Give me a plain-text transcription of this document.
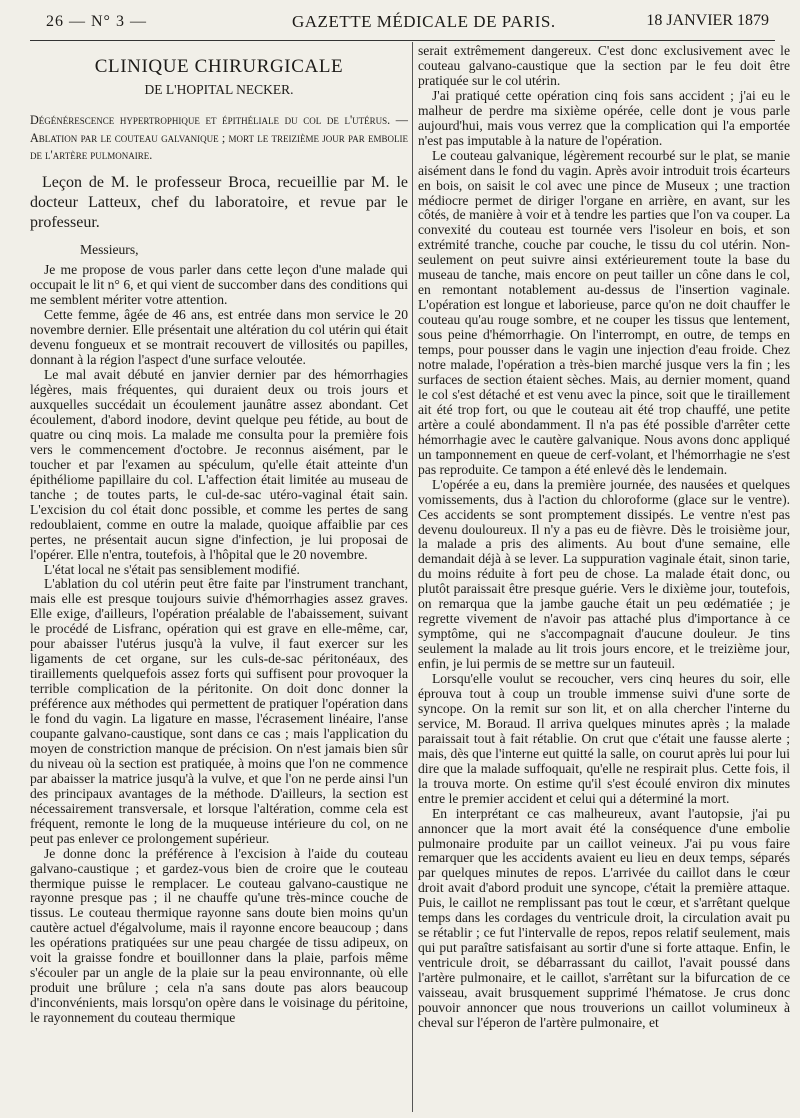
26 — N° 3 —	GAZETTE MÉDICALE DE PARIS.	18 JANVIER 1879
CLINIQUE CHIRURGICALE
DE L'HOPITAL NECKER.
Dégénérescence hypertrophique et épithéliale du col de l'utérus. — Ablation par le couteau galvanique ; mort le treizième jour par embolie de l'artère pulmonaire.
Leçon de M. le professeur Broca, recueillie par M. le docteur Latteux, chef du laboratoire, et revue par le professeur.
Messieurs,

Je me propose de vous parler dans cette leçon d'une malade qui occupait le lit n° 6, et qui vient de succomber dans des conditions qui me semblent mériter votre attention.

Cette femme, âgée de 46 ans, est entrée dans mon service le 20 novembre dernier. Elle présentait une altération du col utérin qui était devenu fongueux et se montrait recouvert de villosités ou papilles, donnant à la région l'aspect d'une surface veloutée.

Le mal avait débuté en janvier dernier par des hémorrhagies légères, mais fréquentes, qui duraient deux ou trois jours et auxquelles succédait un écoulement jaunâtre assez abondant. Cet écoulement, d'abord inodore, devint quelque peu fétide, au bout de quatre ou cinq mois. La malade me consulta pour la première fois vers le commencement d'octobre. Je reconnus aisément, par le toucher et par l'examen au spéculum, qu'elle était atteinte d'un épithéliome papillaire du col. L'affection était limitée au museau de tanche ; de toutes parts, le cul-de-sac utéro-vaginal était sain. L'excision du col était donc possible, et comme les pertes de sang redoublaient, comme en outre la malade, quoique affaiblie par ces pertes, ne présentait aucun signe d'infection, je lui proposai de l'opérer. Elle n'entra, toutefois, à l'hôpital que le 20 novembre.

L'état local ne s'était pas sensiblement modifié.

L'ablation du col utérin peut être faite par l'instrument tranchant, mais elle est presque toujours suivie d'hémorrhagies assez graves. Elle exige, d'ailleurs, l'opération préalable de l'abaissement, suivant le procédé de Lisfranc, opération qui est grave en elle-même, car, pour abaisser l'utérus jusqu'à la vulve, il faut exercer sur les ligaments de cet organe, sur les culs-de-sac péritonéaux, des tiraillements quelquefois assez forts qui suffisent pour provoquer la terrible complication de la péritonite. On doit donc donner la préférence aux méthodes qui permettent de pratiquer l'opération dans le fond du vagin. La ligature en masse, l'écrasement linéaire, l'anse coupante galvano-caustique, sont dans ce cas ; mais l'application du moyen de constriction manque de précision. On n'est jamais bien sûr du niveau où la section est pratiquée, à moins que l'on ne commence par abaisser la matrice jusqu'à la vulve, et que l'on ne perde ainsi l'un des principaux avantages de la méthode. D'ailleurs, la section est nécessairement transversale, et lorsque l'altération, comme cela est fréquent, remonte le long de la muqueuse intérieure du col, on ne peut pas enlever ce prolongement supérieur.

Je donne donc la préférence à l'excision à l'aide du couteau galvano-caustique ; et gardez-vous bien de croire que le couteau thermique puisse le remplacer. Le couteau galvano-caustique ne rayonne presque pas ; il ne chauffe qu'une très-mince couche de tissus. Le couteau thermique rayonne sans doute bien moins qu'un cautère actuel d'égalvolume, mais il rayonne encore beaucoup ; dans les opérations pratiquées sur une peau chargée de tissu adipeux, on voit la graisse fondre et bouillonner dans la plaie, parfois même s'écouler par un angle de la plaie sur la peau environnante, où elle produit une brûlure ; cela n'a sans doute pas alors beaucoup d'inconvénients, mais lorsqu'on opère dans le voisinage du péritoine, le rayonnement du couteau thermique

serait extrêmement dangereux. C'est donc exclusivement avec le couteau galvano-caustique que la section par le feu doit être pratiquée sur le col utérin.

J'ai pratiqué cette opération cinq fois sans accident ; j'ai eu le malheur de perdre ma sixième opérée, celle dont je vous parle aujourd'hui, mais vous verrez que la complication qui l'a emportée n'est pas imputable à la nature de l'opération.

Le couteau galvanique, légèrement recourbé sur le plat, se manie aisément dans le fond du vagin. Après avoir introduit trois écarteurs en bois, on saisit le col avec une pince de Museux ; une traction médiocre permet de diriger l'organe en arrière, en avant, sur les côtés, de manière à voir et à tendre les parties que l'on va couper. La convexité du couteau est tournée vers l'isoleur en bois, et son extrémité tranche, couche par couche, le tissu du col utérin. Non-seulement on peut suivre ainsi extérieurement toute la base du museau de tanche, mais encore on peut tailler un cône dans le col, en remontant notablement au-dessus de l'insertion vaginale. L'opération est longue et laborieuse, parce qu'on ne doit chauffer le couteau qu'au rouge sombre, et ne couper les tissus que lentement, sous peine d'hémorrhagie. On l'interrompt, en outre, de temps en temps, pour pousser dans le vagin une injection d'eau froide. Chez notre malade, l'opération a très-bien marché jusque vers la fin ; les surfaces de section étaient sèches. Mais, au dernier moment, quand le col s'est détaché et est venu avec la pince, soit que le tiraillement ait été trop fort, ou que le couteau ait été trop chauffé, une petite artère a coulé abondamment. Il n'a pas été possible d'arrêter cette hémorrhagie avec le cautère galvanique. Nous avons donc appliqué un tamponnement en queue de cerf-volant, et l'hémorrhagie ne s'est pas reproduite. Ce tampon a été enlevé dès le lendemain.

L'opérée a eu, dans la première journée, des nausées et quelques vomissements, dus à l'action du chloroforme (glace sur le ventre). Ces accidents se sont promptement dissipés. Le ventre n'est pas devenu douloureux. Il n'y a pas eu de fièvre. Dès le troisième jour, la malade a pris des aliments. Au bout d'une semaine, elle demandait déjà à se lever. La suppuration vaginale était, sinon tarie, du moins réduite à fort peu de chose. La malade était donc, ou plutôt paraissait être presque guérie. Vers le dixième jour, toutefois, on remarqua que la jambe gauche était un peu œdématiée ; je regrette vivement de n'avoir pas attaché plus d'importance à ce symptôme, qui ne s'accompagnait d'aucune douleur. Je tins seulement la malade au lit trois jours encore, et le treizième jour, enfin, je lui permis de se mettre sur un fauteuil.

Lorsqu'elle voulut se recoucher, vers cinq heures du soir, elle éprouva tout à coup un trouble immense suivi d'une sorte de syncope. On la remit sur son lit, et on alla chercher l'interne du service, M. Boraud. Il arriva quelques minutes après ; la malade paraissait tout à fait rétablie. On crut que c'était une fausse alerte ; mais, dès que l'interne eut quitté la salle, on courut après lui pour lui dire que la malade suffoquait, qu'elle ne respirait plus. Cette fois, il la trouva morte. On estime qu'il s'est écoulé environ dix minutes entre le premier accident et celui qui a déterminé la mort.

En interprétant ce cas malheureux, avant l'autopsie, j'ai pu annoncer que la mort avait été la conséquence d'une embolie pulmonaire produite par un caillot veineux. J'ai pu vous faire remarquer que les accidents avaient eu lieu en deux temps, séparés par quelques minutes de repos. L'arrivée du caillot dans le cœur droit avait d'abord produit une syncope, c'était la première attaque. Puis, le caillot ne remplissant pas tout le cœur, et s'arrêtant quelque temps dans les cordages du ventricule droit, la circulation avait pu se rétablir ; ce fut l'intervalle de repos, repos relatif seulement, mais qui put paraître satisfaisant au sortir d'une si forte attaque. Enfin, le ventricule droit, se débarrassant du caillot, l'avait poussé dans l'artère pulmonaire, et le caillot, s'arrêtant sur la bifurcation de ce vaisseau, avait brusquement supprimé l'hématose. Je crus donc pouvoir annoncer que nous trouverions un caillot volumineux à cheval sur l'éperon de l'artère pulmonaire, et
